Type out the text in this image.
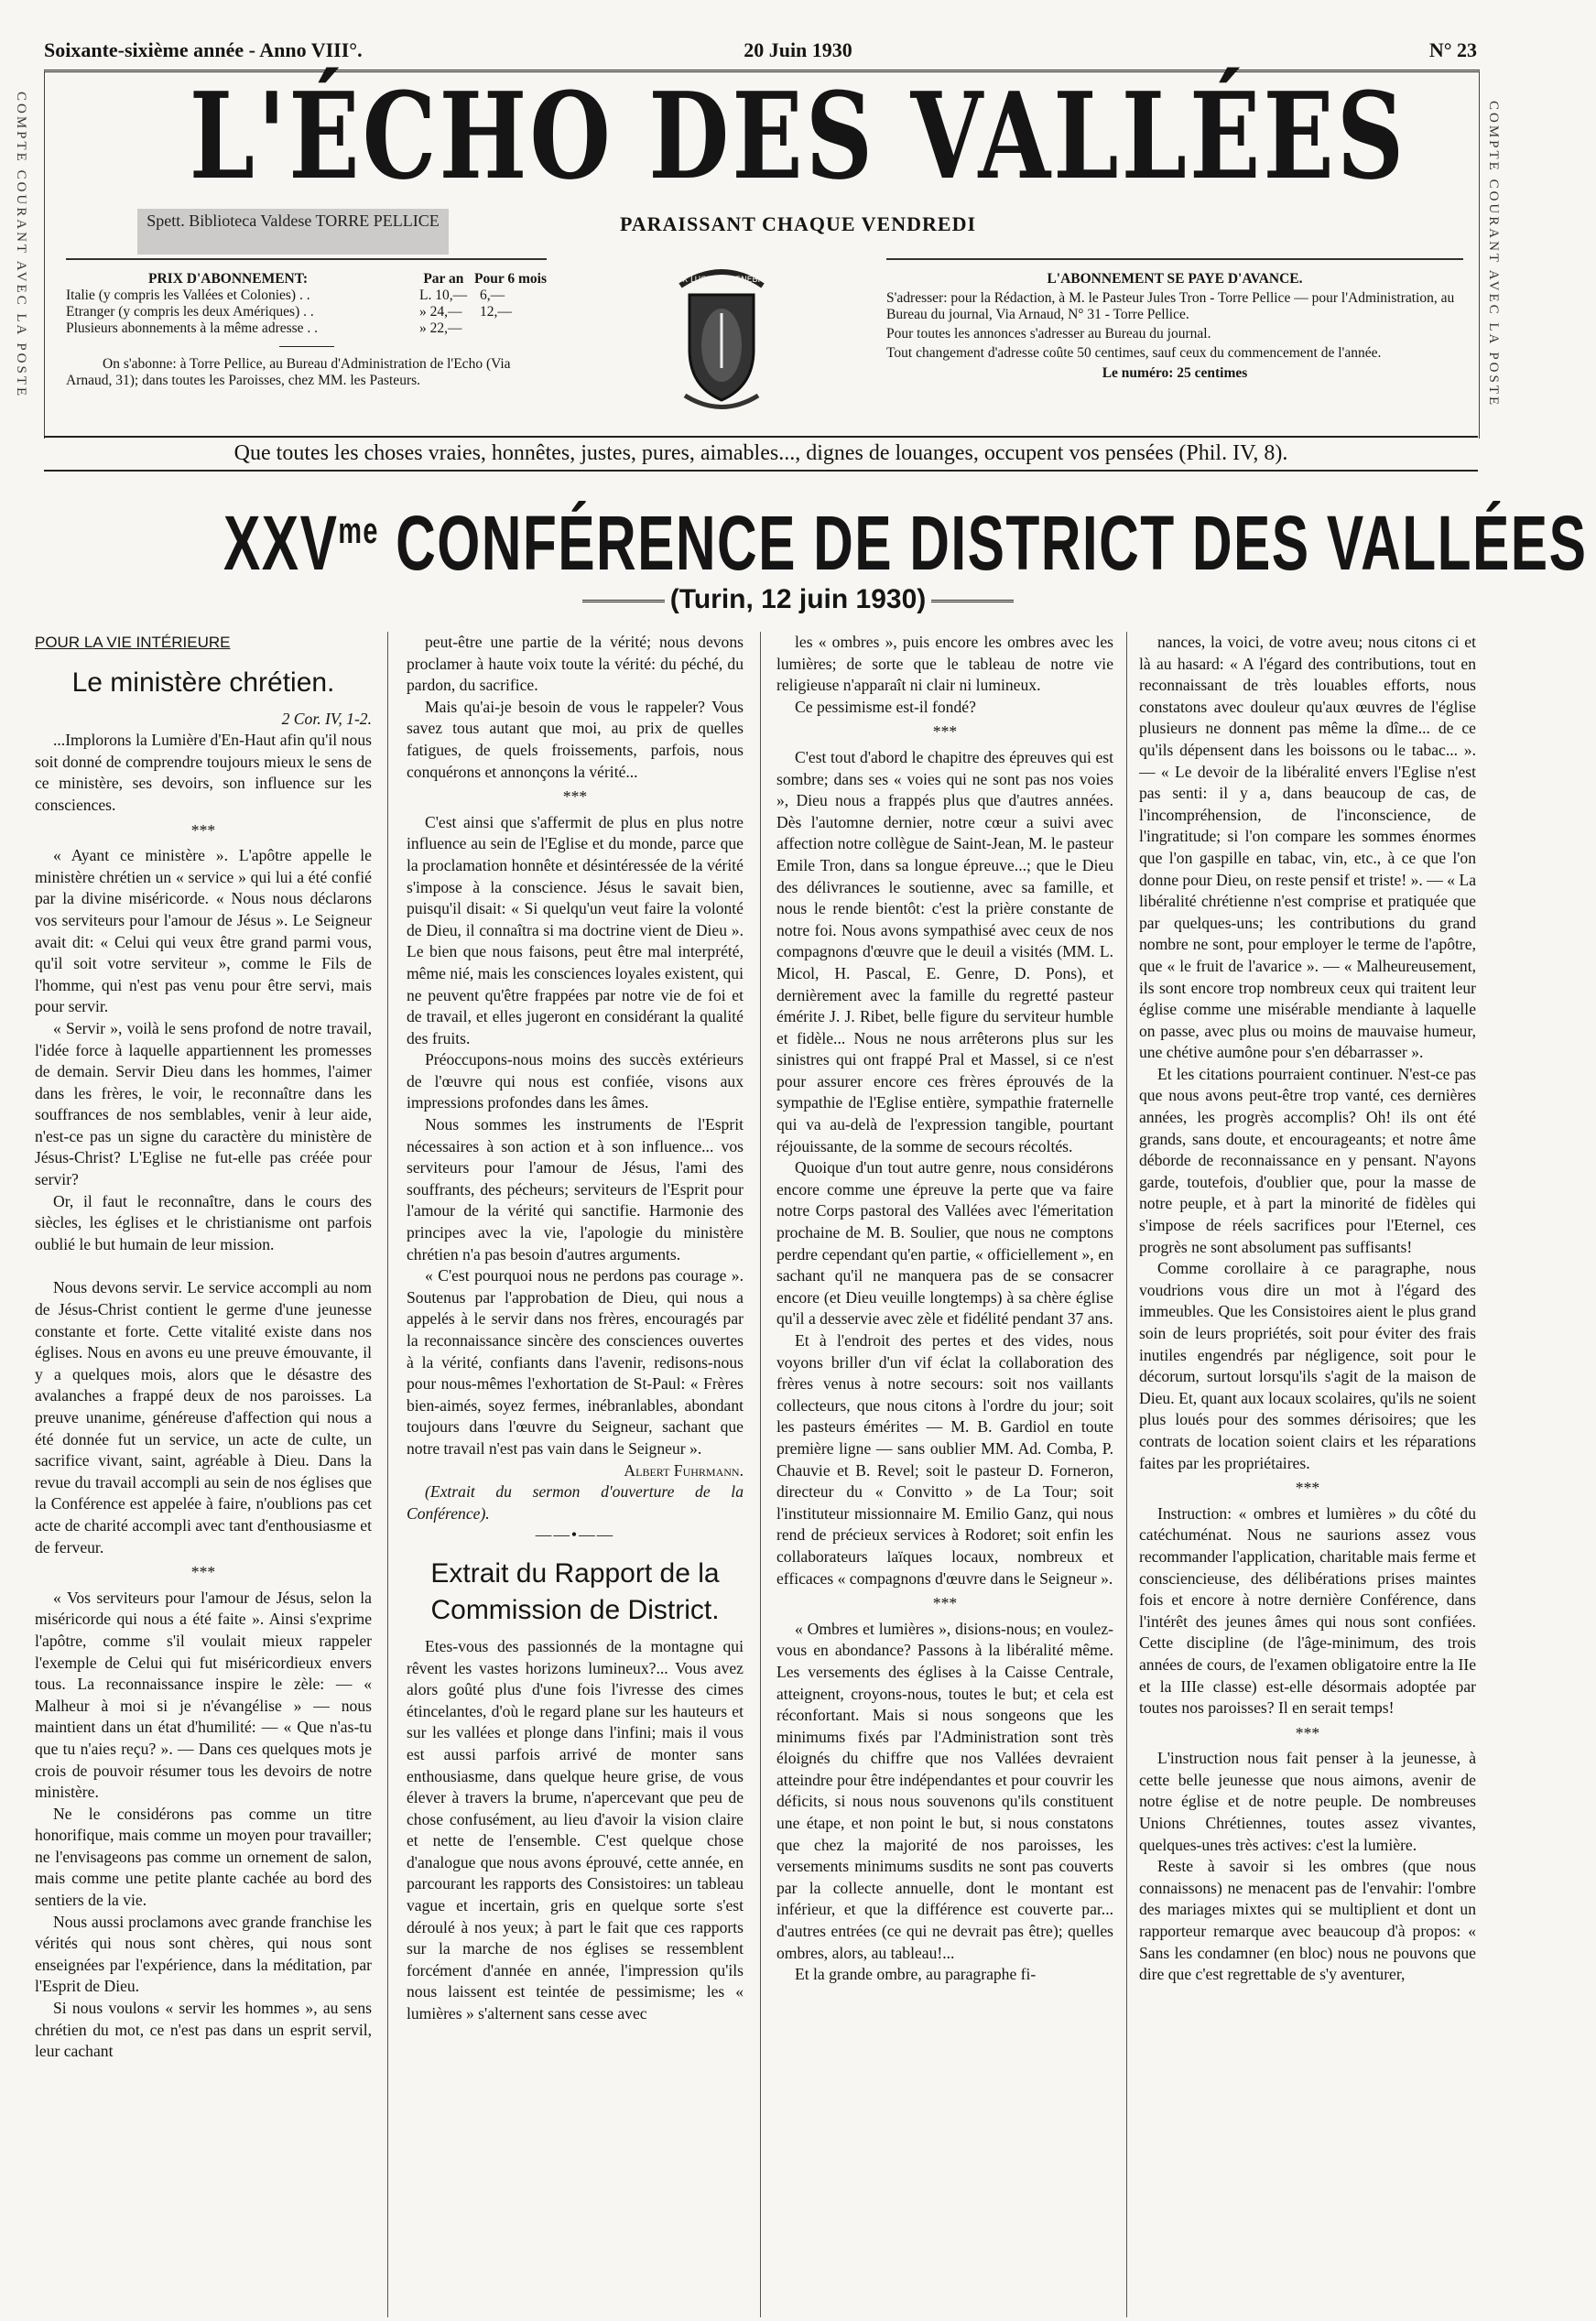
Soixante-sixième année - Anno VIII°.	20 Juin 1930	N° 23
COMPTE COURANT AVEC LA POSTE	COMPTE COURANT AVEC LA POSTE
L'ÉCHO DES VALLÉES
Spett. Biblioteca Valdese TORRE PELLICE	PARAISSANT CHAQUE VENDREDI
PRIX D'ABONNEMENT:	Par an Pour 6 mois
Italie (y compris les Vallées et Colonies) . .	L. 10,—	6,—
Etranger (y compris les deux Amériques) . .	» 24,—	12,—
Plusieurs abonnements à la même adresse . .	» 22,—	
On s'abonne: à Torre Pellice, au Bureau d'Administration de l'Echo (Via Arnaud, 31); dans toutes les Paroisses, chez MM. les Pasteurs.
LUX LUCET IN TENEBRIS	L'ABONNEMENT SE PAYE D'AVANCE.
S'adresser: pour la Rédaction, à M. le Pasteur Jules Tron - Torre Pellice — pour l'Administration, au Bureau du journal, Via Arnaud, N° 31 - Torre Pellice.
Pour toutes les annonces s'adresser au Bureau du journal.
Tout changement d'adresse coûte 50 centimes, sauf ceux du commencement de l'année.
Le numéro: 25 centimes
Que toutes les choses vraies, honnêtes, justes, pures, aimables..., dignes de louanges, occupent vos pensées (Phil. IV, 8).
$XXV^{me}$ CONFÉRENCE DE DISTRICT DES VALLÉES
(Turin, 12 juin 1930)

POUR LA VIE INTÉRIEURE

Le ministère chrétien.

2 Cor. IV, 1-2.

...Implorons la Lumière d'En-Haut afin qu'il nous soit donné de comprendre toujours mieux le sens de ce ministère, ses devoirs, son influence sur les consciences.

***

« Ayant ce ministère ». L'apôtre appelle le ministère chrétien un « service » qui lui a été confié par la divine miséricorde. « Nous nous déclarons vos serviteurs pour l'amour de Jésus ». Le Seigneur avait dit: « Celui qui veux être grand parmi vous, qu'il soit votre serviteur », comme le Fils de l'homme, qui n'est pas venu pour être servi, mais pour servir.

« Servir », voilà le sens profond de notre travail, l'idée force à laquelle appartiennent les promesses de demain. Servir Dieu dans les hommes, l'aimer dans les frères, le voir, le reconnaître dans les souffrances de nos semblables, venir à leur aide, n'est-ce pas un signe du caractère du ministère de Jésus-Christ? L'Eglise ne fut-elle pas créée pour servir?

Or, il faut le reconnaître, dans le cours des siècles, les églises et le christianisme ont parfois oublié le but humain de leur mission.

Nous devons servir. Le service accompli au nom de Jésus-Christ contient le germe d'une jeunesse constante et forte. Cette vitalité existe dans nos églises. Nous en avons eu une preuve émouvante, il y a quelques mois, alors que le désastre des avalanches a frappé deux de nos paroisses. La preuve unanime, généreuse d'affection qui nous a été donnée fut un service, un acte de culte, un sacrifice vivant, saint, agréable à Dieu. Dans la revue du travail accompli au sein de nos églises que la Conférence est appelée à faire, n'oublions pas cet acte de charité accompli avec tant d'enthousiasme et de ferveur.

***

« Vos serviteurs pour l'amour de Jésus, selon la miséricorde qui nous a été faite ». Ainsi s'exprime l'apôtre, comme s'il voulait mieux rappeler l'exemple de Celui qui fut miséricordieux envers tous. La reconnaissance inspire le zèle: — « Malheur à moi si je n'évangélise » — nous maintient dans un état d'humilité: — « Que n'as-tu que tu n'aies reçu? ». — Dans ces quelques mots je crois de pouvoir résumer tous les devoirs de notre ministère.

Ne le considérons pas comme un titre honorifique, mais comme un moyen pour travailler; ne l'envisageons pas comme un ornement de salon, mais comme une petite plante cachée au bord des sentiers de la vie.

Nous aussi proclamons avec grande franchise les vérités qui nous sont chères, qui nous sont enseignées par l'expérience, dans la méditation, par l'Esprit de Dieu.

Si nous voulons « servir les hommes », au sens chrétien du mot, ce n'est pas dans un esprit servil, leur cachant

peut-être une partie de la vérité; nous devons proclamer à haute voix toute la vérité: du péché, du pardon, du sacrifice.

Mais qu'ai-je besoin de vous le rappeler? Vous savez tous autant que moi, au prix de quelles fatigues, de quels froissements, parfois, nous conquérons et annonçons la vérité...

***

C'est ainsi que s'affermit de plus en plus notre influence au sein de l'Eglise et du monde, parce que la proclamation honnête et désintéressée de la vérité s'impose à la conscience. Jésus le savait bien, puisqu'il disait: « Si quelqu'un veut faire la volonté de Dieu, il connaîtra si ma doctrine vient de Dieu ». Le bien que nous faisons, peut être mal interprété, même nié, mais les consciences loyales existent, qui ne peuvent qu'être frappées par notre vie de foi et de travail, et elles jugeront en considérant la qualité des fruits.

Préoccupons-nous moins des succès extérieurs de l'œuvre qui nous est confiée, visons aux impressions profondes dans les âmes.

Nous sommes les instruments de l'Esprit nécessaires à son action et à son influence... vos serviteurs pour l'amour de Jésus, l'ami des souffrants, des pécheurs; serviteurs de l'Esprit pour l'amour de la vérité qui sanctifie. Harmonie des principes avec la vie, l'apologie du ministère chrétien n'a pas besoin d'autres arguments.

« C'est pourquoi nous ne perdons pas courage ». Soutenus par l'approbation de Dieu, qui nous a appelés à le servir dans nos frères, encouragés par la reconnaissance sincère des consciences ouvertes à la vérité, confiants dans l'avenir, redisons-nous pour nous-mêmes l'exhortation de St-Paul: « Frères bien-aimés, soyez fermes, inébranlables, abondant toujours dans l'œuvre du Seigneur, sachant que notre travail n'est pas vain dans le Seigneur ».

Albert Fuhrmann.

(Extrait du sermon d'ouverture de la Conférence).

——•——

Extrait du Rapport de la Commission de District.

Etes-vous des passionnés de la montagne qui rêvent les vastes horizons lumineux?... Vous avez alors goûté plus d'une fois l'ivresse des cimes étincelantes, d'où le regard plane sur les hauteurs et sur les vallées et plonge dans l'infini; mais il vous est aussi parfois arrivé de monter sans enthousiasme, dans quelque heure grise, de vous élever à travers la brume, n'apercevant que peu de chose confusément, au lieu d'avoir la vision claire et nette de l'ensemble. C'est quelque chose d'analogue que nous avons éprouvé, cette année, en parcourant les rapports des Consistoires: un tableau vague et incertain, gris en quelque sorte s'est déroulé à nos yeux; à part le fait que ces rapports sur la marche de nos églises se ressemblent forcément d'année en année, l'impression qu'ils nous laissent est teintée de pessimisme; les « lumières » s'alternent sans cesse avec

les « ombres », puis encore les ombres avec les lumières; de sorte que le tableau de notre vie religieuse n'apparaît ni clair ni lumineux.

Ce pessimisme est-il fondé?

***

C'est tout d'abord le chapitre des épreuves qui est sombre; dans ses « voies qui ne sont pas nos voies », Dieu nous a frappés plus que d'autres années. Dès l'automne dernier, notre cœur a suivi avec affection notre collègue de Saint-Jean, M. le pasteur Emile Tron, dans sa longue épreuve...; que le Dieu des délivrances le soutienne, avec sa famille, et nous le rende bientôt: c'est la prière constante de notre foi. Nous avons sympathisé avec ceux de nos compagnons d'œuvre que le deuil a visités (MM. L. Micol, H. Pascal, E. Genre, D. Pons), et dernièrement avec la famille du regretté pasteur émérite J. J. Ribet, belle figure du serviteur humble et fidèle... Nous ne nous arrêterons plus sur les sinistres qui ont frappé Pral et Massel, si ce n'est pour assurer encore ces frères éprouvés de la sympathie de l'Eglise entière, sympathie fraternelle qui va au-delà de l'expression tangible, pourtant réjouissante, de la somme de secours récoltés.

Quoique d'un tout autre genre, nous considérons encore comme une épreuve la perte que va faire notre Corps pastoral des Vallées avec l'émeritation prochaine de M. B. Soulier, que nous ne comptons perdre cependant qu'en partie, « officiellement », en sachant qu'il ne manquera pas de se consacrer encore (et Dieu veuille longtemps) à sa chère église qu'il a desservie avec zèle et fidélité pendant 37 ans.

Et à l'endroit des pertes et des vides, nous voyons briller d'un vif éclat la collaboration des frères venus à notre secours: soit nos vaillants collecteurs, que nous citons à l'ordre du jour; soit les pasteurs émérites — M. B. Gardiol en toute première ligne — sans oublier MM. Ad. Comba, P. Chauvie et B. Revel; soit le pasteur D. Forneron, directeur du « Convitto » de La Tour; soit l'instituteur missionnaire M. Emilio Ganz, qui nous rend de précieux services à Rodoret; soit enfin les collaborateurs laïques locaux, nombreux et efficaces « compagnons d'œuvre dans le Seigneur ».

***

« Ombres et lumières », disions-nous; en voulez-vous en abondance? Passons à la libéralité même. Les versements des églises à la Caisse Centrale, atteignent, croyons-nous, toutes le but; et cela est réconfortant. Mais si nous songeons que les minimums fixés par l'Administration sont très éloignés du chiffre que nos Vallées devraient atteindre pour être indépendantes et pour couvrir les déficits, si nous nous souvenons qu'ils constituent une étape, et non point le but, si nous constatons que chez la majorité de nos paroisses, les versements minimums susdits ne sont pas couverts par la collecte annuelle, dont le montant est inférieur, et que la différence est couverte par... d'autres entrées (ce qui ne devrait pas être); quelles ombres, alors, au tableau!...

Et la grande ombre, au paragraphe fi-

nances, la voici, de votre aveu; nous citons ci et là au hasard: « A l'égard des contributions, tout en reconnaissant de très louables efforts, nous constatons avec douleur qu'aux œuvres de l'église plusieurs ne donnent pas même la dîme... de ce qu'ils dépensent dans les boissons ou le tabac... ». — « Le devoir de la libéralité envers l'Eglise n'est pas senti: il y a, dans beaucoup de cas, de l'incompréhension, de l'inconscience, de l'ingratitude; si l'on compare les sommes énormes que l'on gaspille en tabac, vin, etc., à ce que l'on donne pour Dieu, on reste pensif et triste! ». — « La libéralité chrétienne n'est comprise et pratiquée que par quelques-uns; les contributions du grand nombre ne sont, pour employer le terme de l'apôtre, que « le fruit de l'avarice ». — « Malheureusement, ils sont encore trop nombreux ceux qui traitent leur église comme une misérable mendiante à laquelle on passe, avec plus ou moins de mauvaise humeur, une chétive aumône pour s'en débarrasser ».

Et les citations pourraient continuer. N'est-ce pas que nous avons peut-être trop vanté, ces dernières années, les progrès accomplis? Oh! ils ont été grands, sans doute, et encourageants; et notre âme déborde de reconnaissance en y pensant. N'ayons garde, toutefois, d'oublier que, pour la masse de notre peuple, et à part la minorité de fidèles qui s'impose de réels sacrifices pour l'Eternel, ces progrès ne sont absolument pas suffisants!

Comme corollaire à ce paragraphe, nous voudrions vous dire un mot à l'égard des immeubles. Que les Consistoires aient le plus grand soin de leurs propriétés, soit pour éviter des frais inutiles engendrés par négligence, soit pour le décorum, surtout lorsqu'ils s'agit de la maison de Dieu. Et, quant aux locaux scolaires, qu'ils ne soient plus loués pour des sommes dérisoires; que les contrats de location soient clairs et les réparations faites par les propriétaires.

***

Instruction: « ombres et lumières » du côté du catéchuménat. Nous ne saurions assez vous recommander l'application, charitable mais ferme et consciencieuse, des délibérations prises maintes fois et encore à notre dernière Conférence, dans l'intérêt des jeunes âmes qui nous sont confiées. Cette discipline (de l'âge-minimum, des trois années de cours, de l'examen obligatoire entre la IIe et la IIIe classe) est-elle désormais adoptée par toutes nos paroisses? Il en serait temps!

***

L'instruction nous fait penser à la jeunesse, à cette belle jeunesse que nous aimons, avenir de notre église et de notre peuple. De nombreuses Unions Chrétiennes, toutes assez vivantes, quelques-unes très actives: c'est la lumière.

Reste à savoir si les ombres (que nous connaissons) ne menacent pas de l'envahir: l'ombre des mariages mixtes qui se multiplient et dont un rapporteur remarque avec beaucoup d'à propos: « Sans les condamner (en bloc) nous ne pouvons que dire que c'est regrettable de s'y aventurer,
